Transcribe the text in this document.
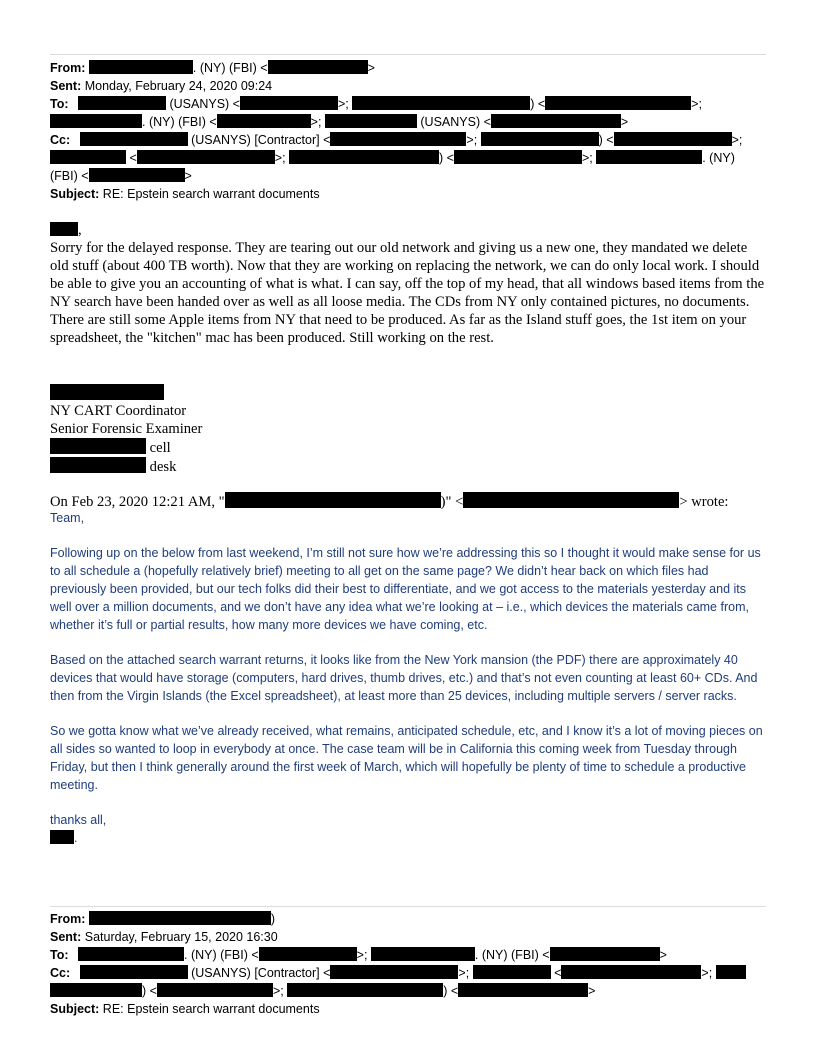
From:	. (NY) (FBI) <	>
Sent: Monday, February 24, 2020 09:24
To:	(USANYS) <	>;	) <	>;
. (NY) (FBI) <	>;	(USANYS) <	>
Cc:	(USANYS) [Contractor] <	>;	) <	>;
<	>;	) <	>;	. (NY)
(FBI) <	>
Subject: RE: Epstein search warrant documents
,

Sorry for the delayed response. They are tearing out our old network and giving us a new one, they mandated we delete old stuff (about 400 TB worth). Now that they are working on replacing the network, we can do only local work. I should be able to give you an accounting of what is what. I can say, off the top of my head, that all windows based items from the NY search have been handed over as well as all loose media. The CDs from NY only contained pictures, no documents. There are still some Apple items from NY that need to be produced. As far as the Island stuff goes, the 1st item on your spreadsheet, the "kitchen" mac has been produced. Still working on the rest.

NY CART Coordinator
Senior Forensic Examiner
cell
desk
On Feb 23, 2020 12:21 AM, "	)" <	> wrote:

Team,

Following up on the below from last weekend, I’m still not sure how we’re addressing this so I thought it would make sense for us to all schedule a (hopefully relatively brief) meeting to all get on the same page? We didn’t hear back on which files had previously been provided, but our tech folks did their best to differentiate, and we got access to the materials yesterday and its well over a million documents, and we don’t have any idea what we’re looking at – i.e., which devices the materials came from, whether it’s full or partial results, how many more devices we have coming, etc.

Based on the attached search warrant returns, it looks like from the New York mansion (the PDF) there are approximately 40 devices that would have storage (computers, hard drives, thumb drives, etc.) and that’s not even counting at least 60+ CDs. And then from the Virgin Islands (the Excel spreadsheet), at least more than 25 devices, including multiple servers / server racks.

So we gotta know what we’ve already received, what remains, anticipated schedule, etc, and I know it’s a lot of moving pieces on all sides so wanted to loop in everybody at once. The case team will be in California this coming week from Tuesday through Friday, but then I think generally around the first week of March, which will hopefully be plenty of time to schedule a productive meeting.

thanks all,

.
From:	)
Sent: Saturday, February 15, 2020 16:30
To:	. (NY) (FBI) <	>;	. (NY) (FBI) <	>
Cc:	(USANYS) [Contractor] <	>;	<	>;
) <	>;	) <	>
Subject: RE: Epstein search warrant documents
